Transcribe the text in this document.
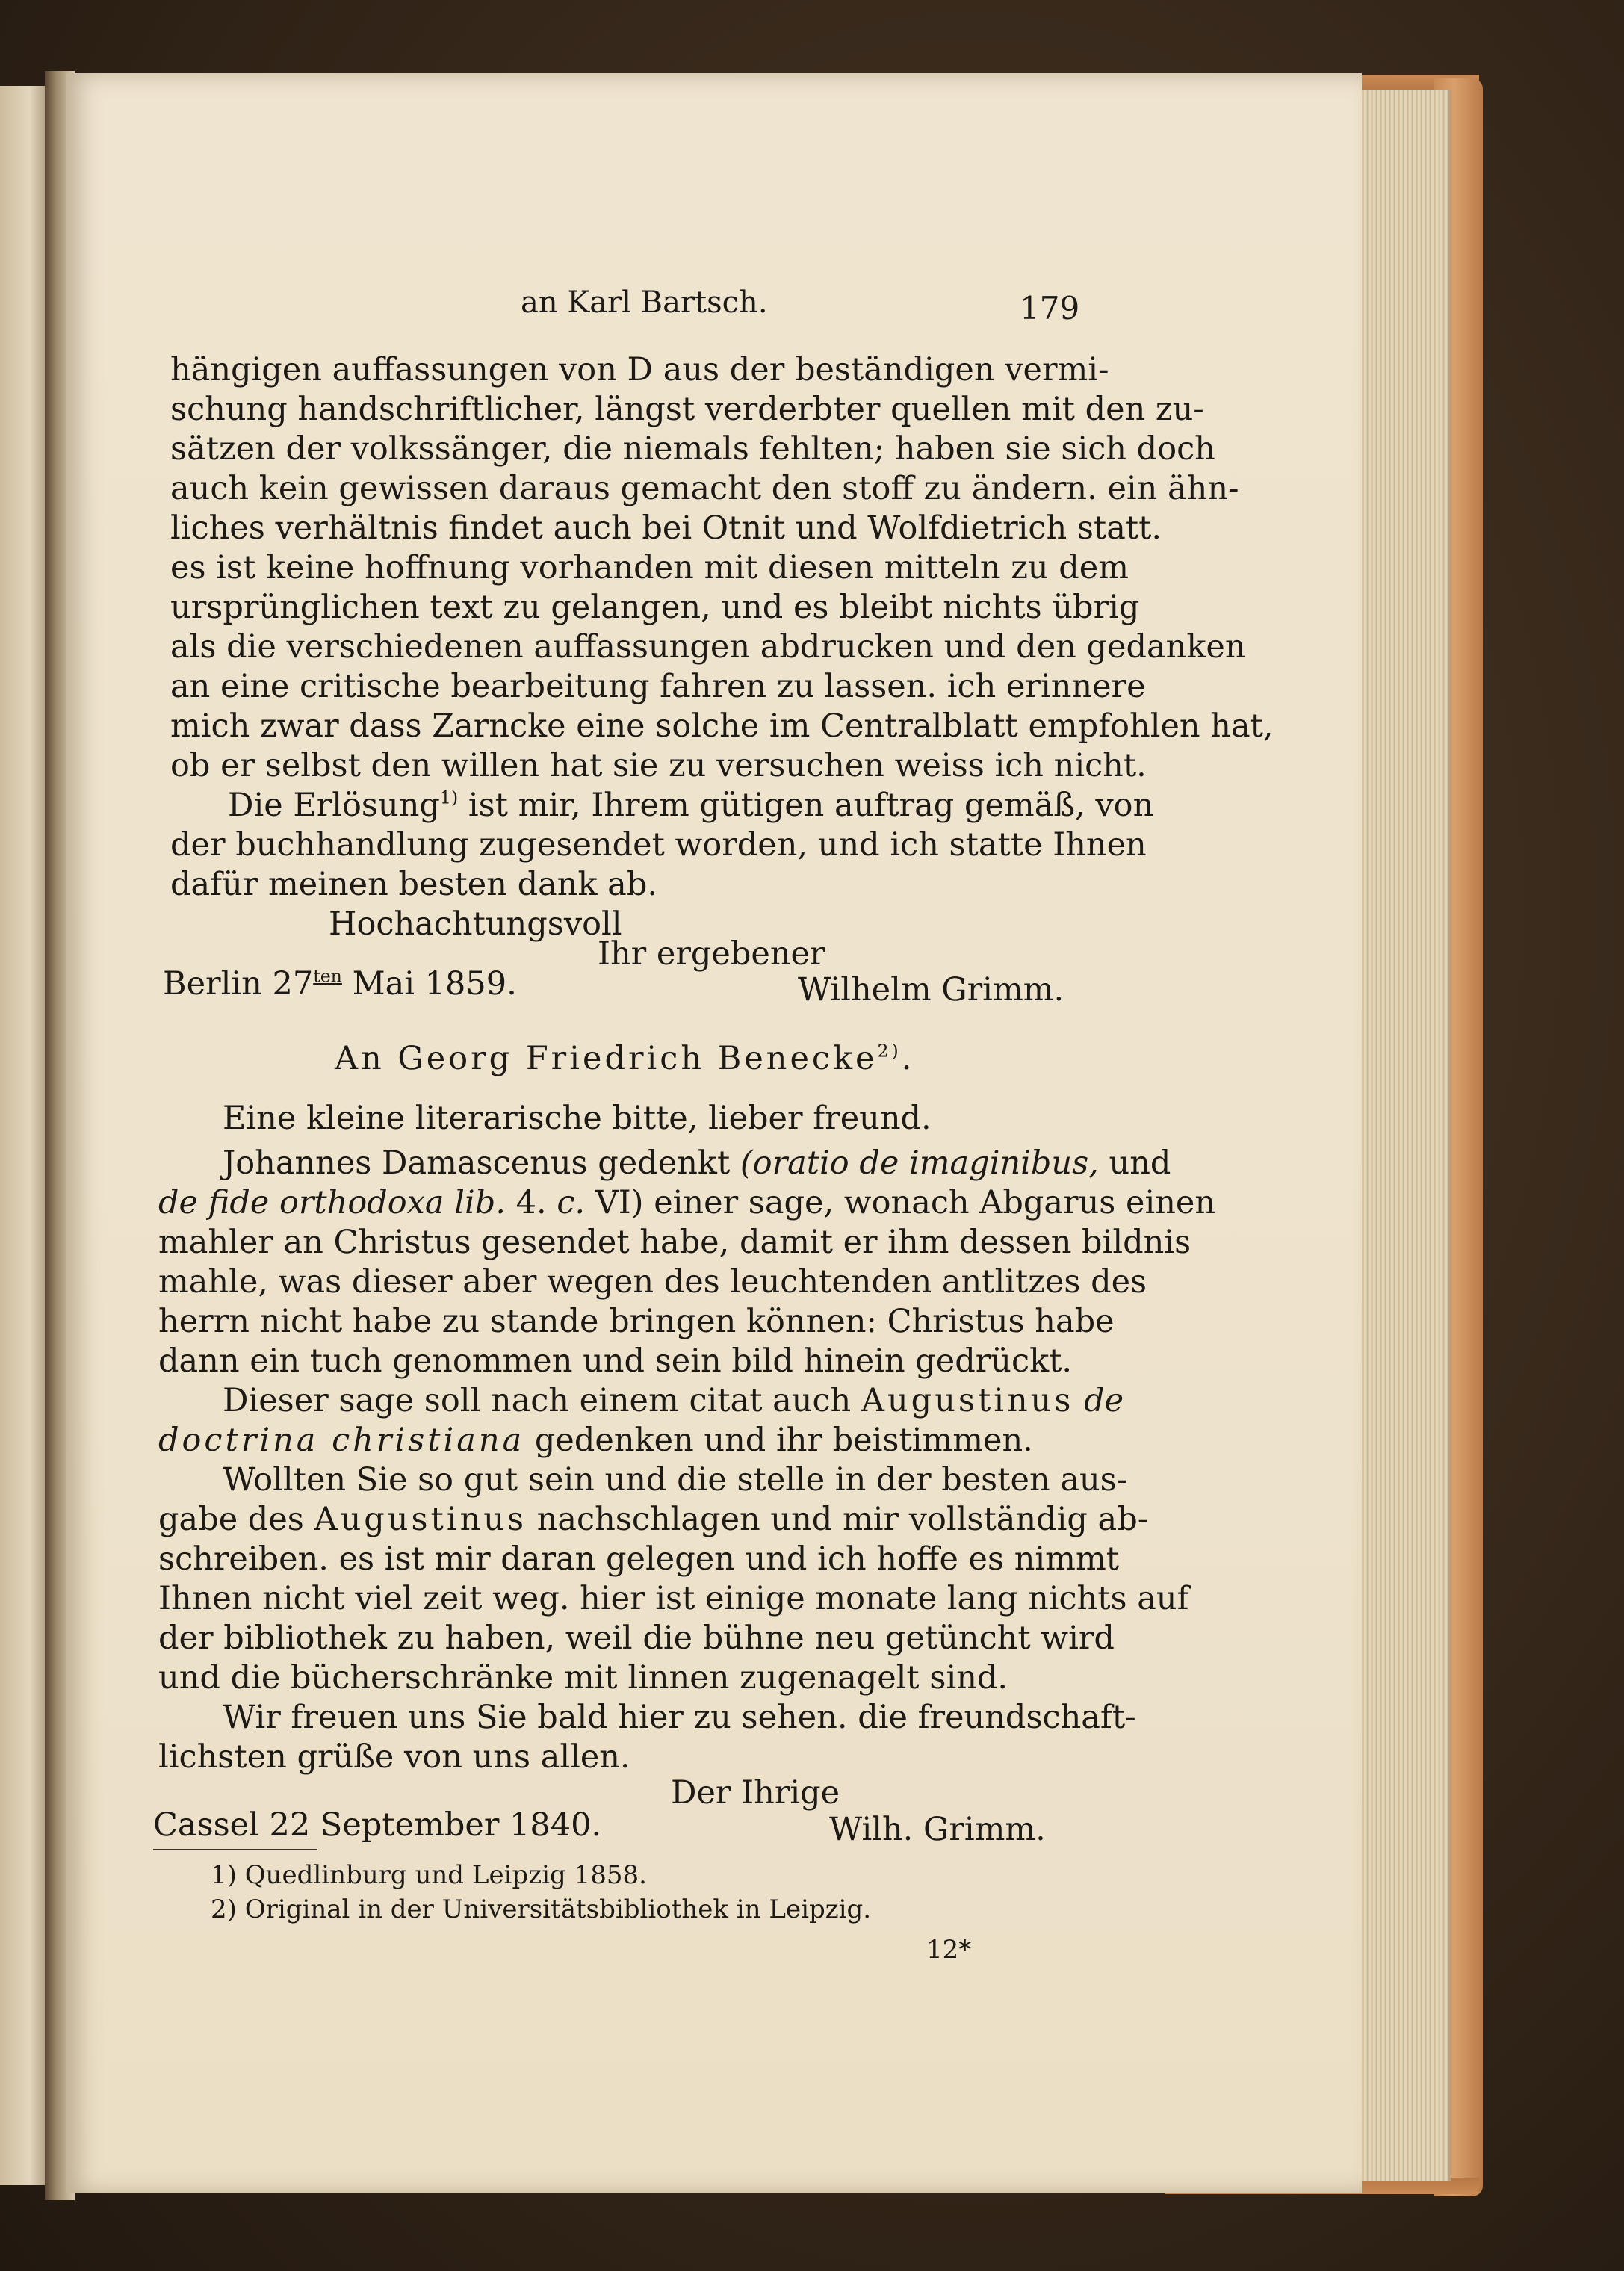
an Karl Bartsch.	179
hängigen auffassungen von D aus der beständigen vermi-
schung handschriftlicher, längst verderbter quellen mit den zu-
sätzen der volkssänger, die niemals fehlten; haben sie sich doch
auch kein gewissen daraus gemacht den stoff zu ändern. ein ähn-
liches verhältnis findet auch bei Otnit und Wolfdietrich statt.
es ist keine hoffnung vorhanden mit diesen mitteln zu dem
ursprünglichen text zu gelangen, und es bleibt nichts übrig
als die verschiedenen auffassungen abdrucken und den gedanken
an eine critische bearbeitung fahren zu lassen. ich erinnere
mich zwar dass Zarncke eine solche im Centralblatt empfohlen hat,
ob er selbst den willen hat sie zu versuchen weiss ich nicht.
Die Erlösung$^{1)}$ ist mir, Ihrem gütigen auftrag gemäß, von
der buchhandlung zugesendet worden, und ich statte Ihnen
dafür meinen besten dank ab.
Hochachtungsvoll
Ihr ergebener
Berlin $27^{ten}$ Mai 1859.	Wilhelm Grimm.
An Georg Friedrich Benecke$^{2)}$.
Eine kleine literarische bitte, lieber freund.
Johannes Damascenus gedenkt (oratio de imaginibus, und
de fide orthodoxa lib. 4. c. VI) einer sage, wonach Abgarus einen
mahler an Christus gesendet habe, damit er ihm dessen bildnis
mahle, was dieser aber wegen des leuchtenden antlitzes des
herrn nicht habe zu stande bringen können: Christus habe
dann ein tuch genommen und sein bild hinein gedrückt.
Dieser sage soll nach einem citat auch Augustinus de
doctrina christiana gedenken und ihr beistimmen.
Wollten Sie so gut sein und die stelle in der besten aus-
gabe des Augustinus nachschlagen und mir vollständig ab-
schreiben. es ist mir daran gelegen und ich hoffe es nimmt
Ihnen nicht viel zeit weg. hier ist einige monate lang nichts auf
der bibliothek zu haben, weil die bühne neu getüncht wird
und die bücherschränke mit linnen zugenagelt sind.
Wir freuen uns Sie bald hier zu sehen. die freundschaft-
lichsten grüße von uns allen.
Der Ihrige
Cassel 22 September 1840.	Wilh. Grimm.
1) Quedlinburg und Leipzig 1858.
2) Original in der Universitätsbibliothek in Leipzig.
12*
